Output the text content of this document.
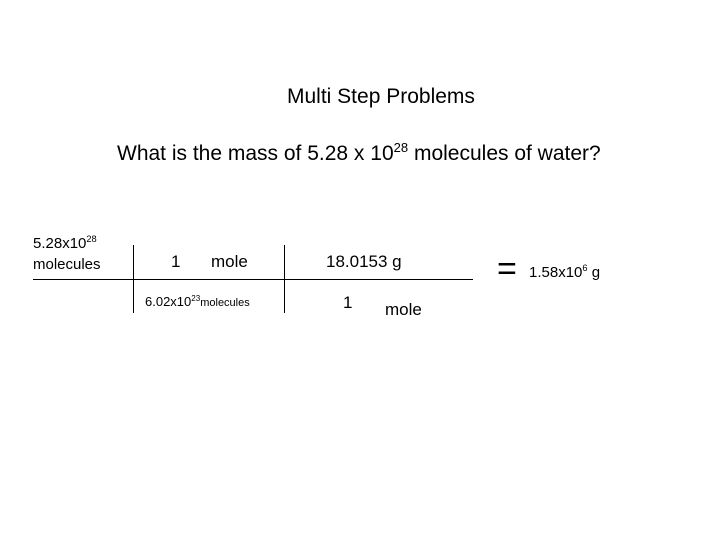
Multi Step Problems
What is the mass of 5.28 x $10^{28}$ molecules of water?
$5.28x10^{28}$
molecules	1 mole
$6.02x10^{23}molecules$
18.0153 g
1 mole
= $1.58x10^6$ g
